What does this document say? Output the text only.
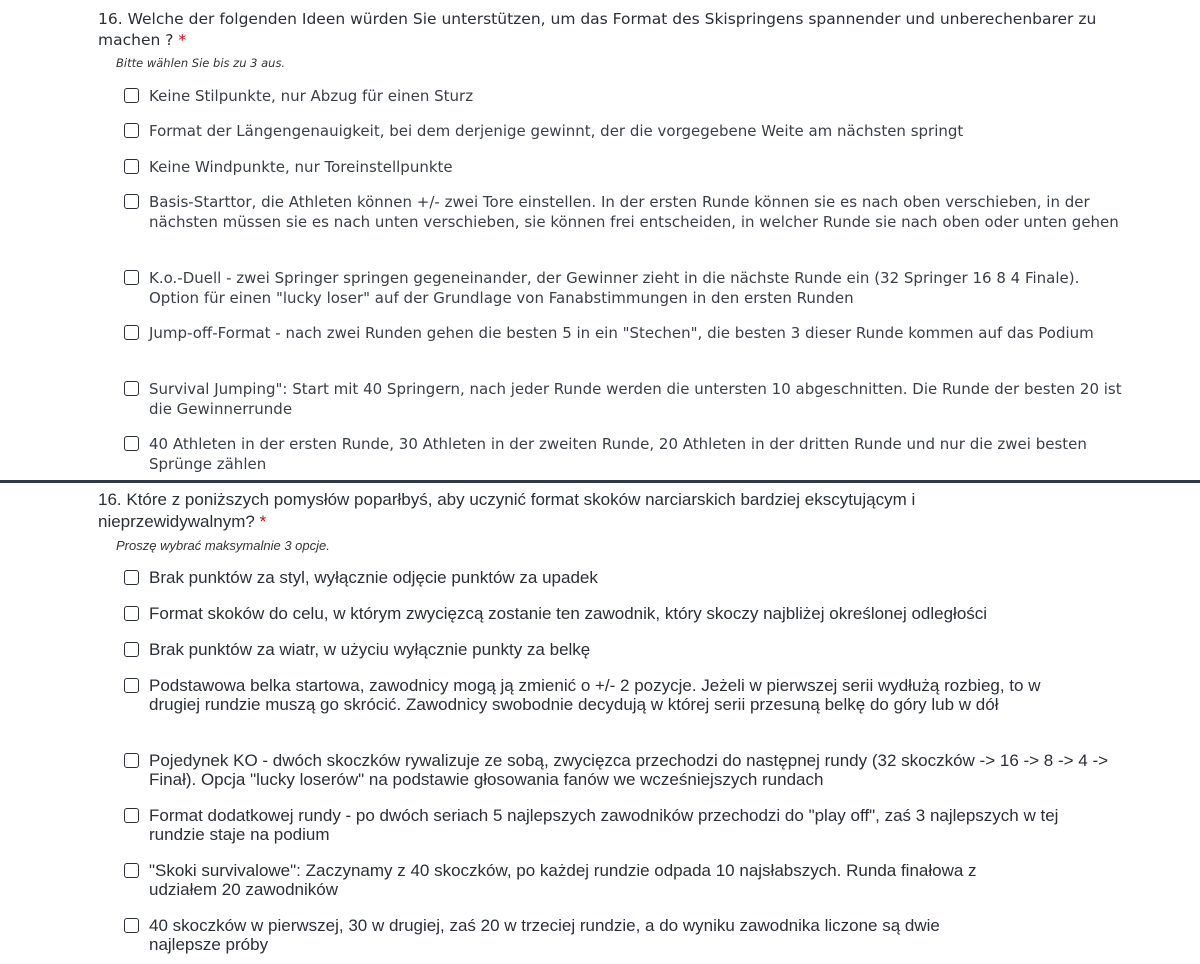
16. Welche der folgenden Ideen würden Sie unterstützen, um das Format des Skispringens spannender und unberechenbarer zu machen ? *
Bitte wählen Sie bis zu 3 aus.
Keine Stilpunkte, nur Abzug für einen Sturz
Format der Längengenauigkeit, bei dem derjenige gewinnt, der die vorgegebene Weite am nächsten springt
Keine Windpunkte, nur Toreinstellpunkte
Basis-Starttor, die Athleten können +/- zwei Tore einstellen. In der ersten Runde können sie es nach oben verschieben, in der nächsten müssen sie es nach unten verschieben, sie können frei entscheiden, in welcher Runde sie nach oben oder unten gehen
K.o.-Duell - zwei Springer springen gegeneinander, der Gewinner zieht in die nächste Runde ein (32 Springer 16 8 4 Finale). Option für einen "lucky loser" auf der Grundlage von Fanabstimmungen in den ersten Runden
Jump-off-Format - nach zwei Runden gehen die besten 5 in ein "Stechen", die besten 3 dieser Runde kommen auf das Podium
Survival Jumping": Start mit 40 Springern, nach jeder Runde werden die untersten 10 abgeschnitten. Die Runde der besten 20 ist die Gewinnerrunde
40 Athleten in der ersten Runde, 30 Athleten in der zweiten Runde, 20 Athleten in der dritten Runde und nur die zwei besten Sprünge zählen
16. Które z poniższych pomysłów poparłbyś, aby uczynić format skoków narciarskich bardziej ekscytującym i nieprzewidywalnym? *
Proszę wybrać maksymalnie 3 opcje.
Brak punktów za styl, wyłącznie odjęcie punktów za upadek
Format skoków do celu, w którym zwycięzcą zostanie ten zawodnik, który skoczy najbliżej określonej odległości
Brak punktów za wiatr, w użyciu wyłącznie punkty za belkę
Podstawowa belka startowa, zawodnicy mogą ją zmienić o +/- 2 pozycje. Jeżeli w pierwszej serii wydłużą rozbieg, to w drugiej rundzie muszą go skrócić. Zawodnicy swobodnie decydują w której serii przesuną belkę do góry lub w dół
Pojedynek KO - dwóch skoczków rywalizuje ze sobą, zwycięzca przechodzi do następnej rundy (32 skoczków -> 16 -> 8 -> 4 -> Finał). Opcja "lucky loserów" na podstawie głosowania fanów we wcześniejszych rundach
Format dodatkowej rundy - po dwóch seriach 5 najlepszych zawodników przechodzi do "play off", zaś 3 najlepszych w tej rundzie staje na podium
"Skoki survivalowe": Zaczynamy z 40 skoczków, po każdej rundzie odpada 10 najsłabszych. Runda finałowa z udziałem 20 zawodników
40 skoczków w pierwszej, 30 w drugiej, zaś 20 w trzeciej rundzie, a do wyniku zawodnika liczone są dwie najlepsze próby
